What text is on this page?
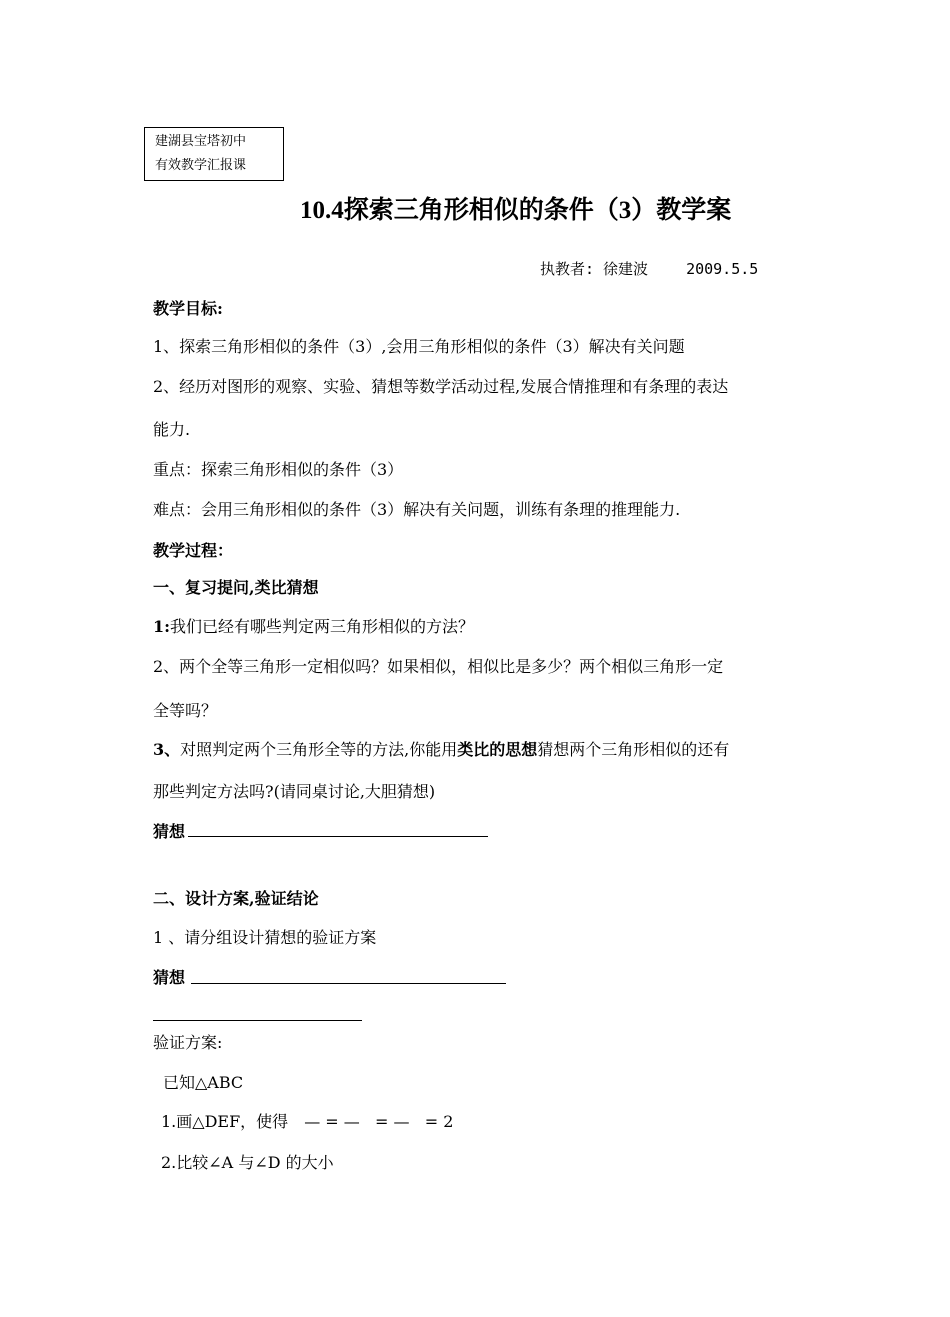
建湖县宝塔初中
有效教学汇报课
10.4探索三角形相似的条件（3）教学案
执教者: 徐建波	2009.5.5
教学目标:
1、探索三角形相似的条件（3）,会用三角形相似的条件（3）解决有关问题
2、经历对图形的观察、实验、猜想等数学活动过程,发展合情推理和有条理的表达
能力.
重点：探索三角形相似的条件（3）
难点：会用三角形相似的条件（3）解决有关问题，训练有条理的推理能力.
教学过程：
一、复习提问,类比猜想
1:我们已经有哪些判定两三角形相似的方法？
2、两个全等三角形一定相似吗？如果相似，相似比是多少？两个相似三角形一定
全等吗？
3、对照判定两个三角形全等的方法,你能用类比的思想猜想两个三角形相似的还有
那些判定方法吗?(请同桌讨论,大胆猜想)
猜想
二、设计方案,验证结论
1 、请分组设计猜想的验证方案
猜想
验证方案:
已知△ABC
1.画△DEF，使得 — = —   = —   = 2
2.比较∠A 与∠D 的大小
